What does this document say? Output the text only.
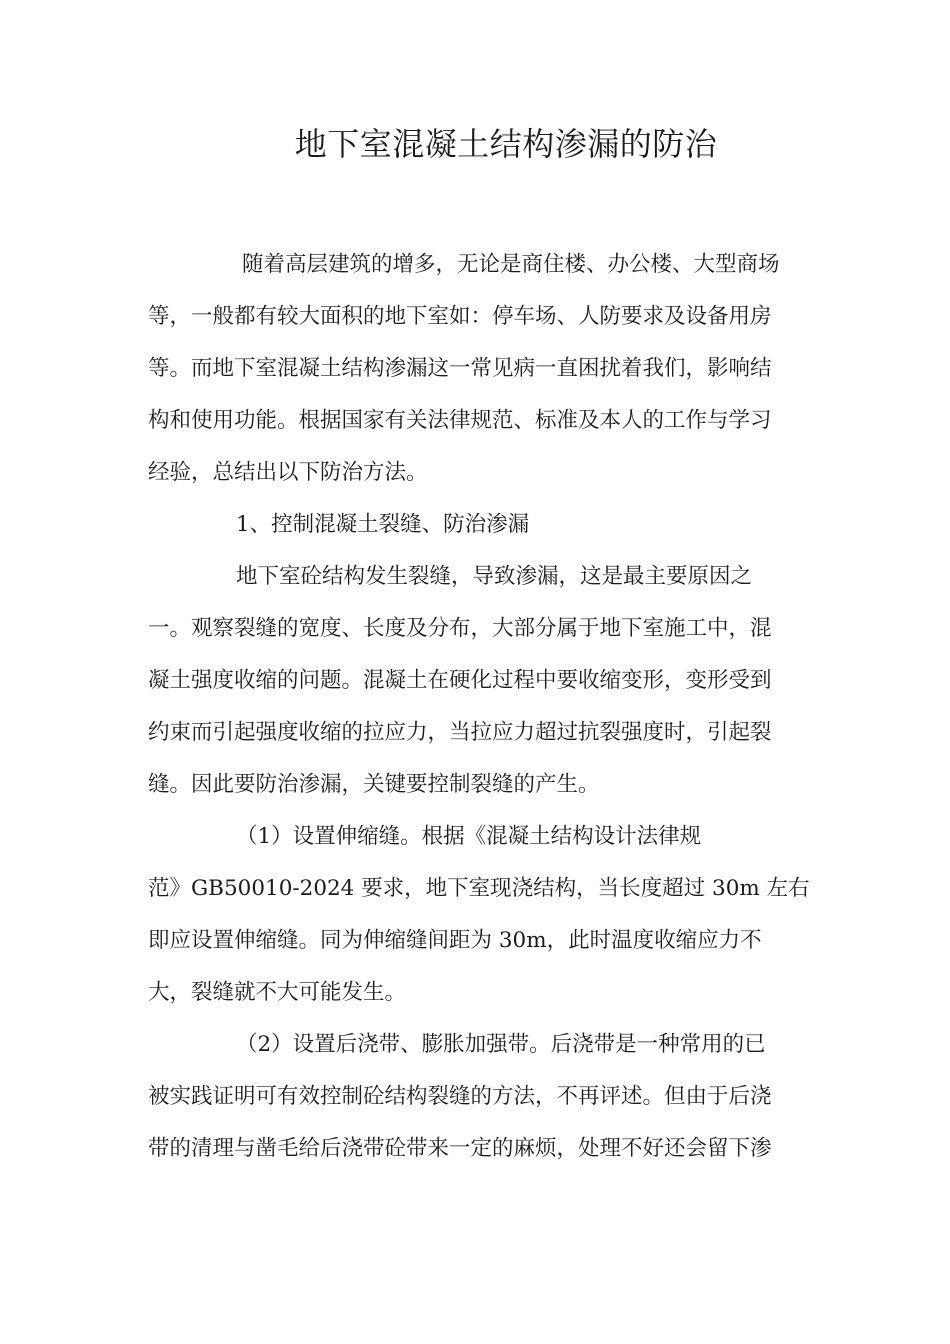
地下室混凝土结构渗漏的防治
随着高层建筑的增多，无论是商住楼、办公楼、大型商场
等，一般都有较大面积的地下室如：停车场、人防要求及设备用房
等。而地下室混凝土结构渗漏这一常见病一直困扰着我们，影响结
构和使用功能。根据国家有关法律规范、标准及本人的工作与学习
经验，总结出以下防治方法。
1、控制混凝土裂缝、防治渗漏
地下室砼结构发生裂缝，导致渗漏，这是最主要原因之
一。观察裂缝的宽度、长度及分布，大部分属于地下室施工中，混
凝土强度收缩的问题。混凝土在硬化过程中要收缩变形，变形受到
约束而引起强度收缩的拉应力，当拉应力超过抗裂强度时，引起裂
缝。因此要防治渗漏，关键要控制裂缝的产生。
（1）设置伸缩缝。根据《混凝土结构设计法律规
范》GB50010-2024 要求，地下室现浇结构，当长度超过 30m 左右
即应设置伸缩缝。同为伸缩缝间距为 30m，此时温度收缩应力不
大，裂缝就不大可能发生。
（2）设置后浇带、膨胀加强带。后浇带是一种常用的已
被实践证明可有效控制砼结构裂缝的方法，不再评述。但由于后浇
带的清理与凿毛给后浇带砼带来一定的麻烦，处理不好还会留下渗
